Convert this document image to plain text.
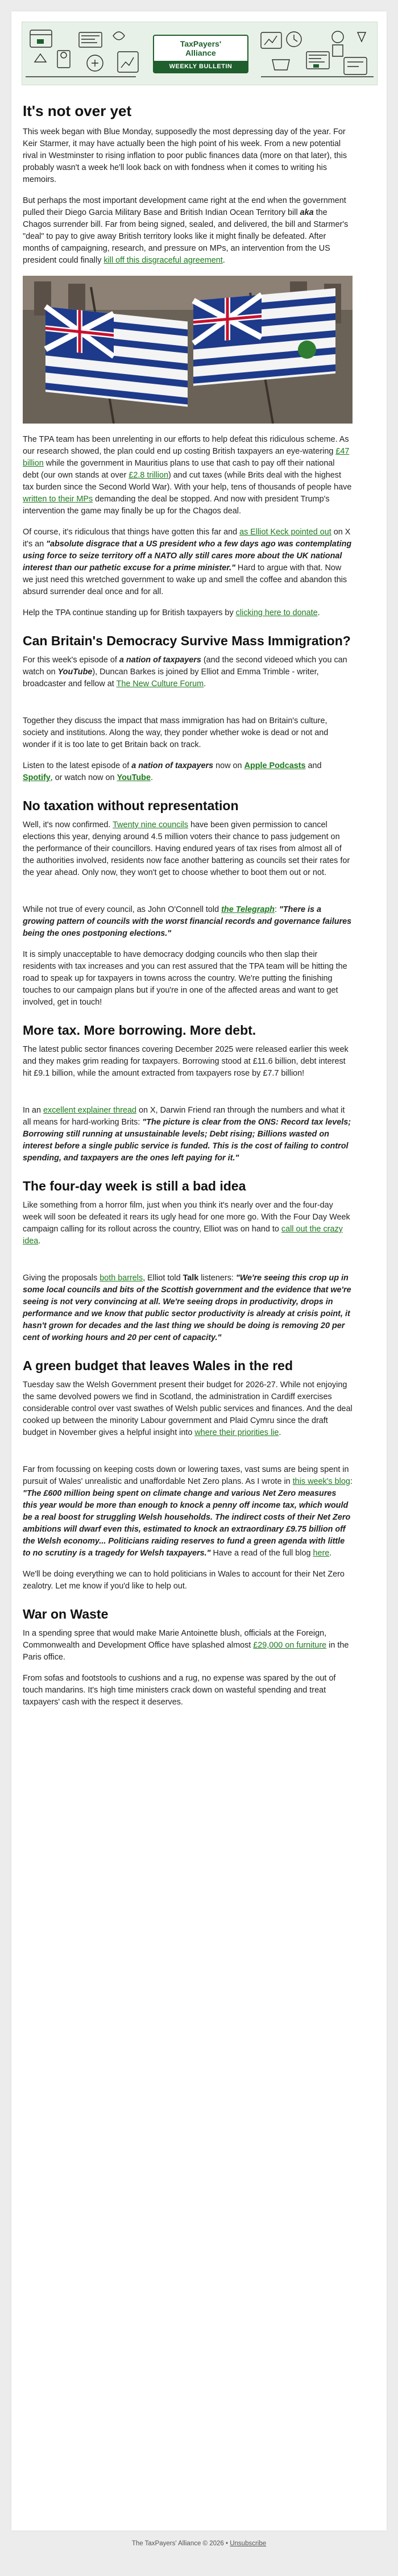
TaxPayers'
Alliance
WEEKLY BULLETIN
It's not over yet

This week began with Blue Monday, supposedly the most depressing day of the year. For Keir Starmer, it may have actually been the high point of his week. From a new potential rival in Westminster to rising inflation to poor public finances data (more on that later), this probably wasn't a week he'll look back on with fondness when it comes to writing his memoirs.

But perhaps the most important development came right at the end when the government pulled their Diego Garcia Military Base and British Indian Ocean Territory bill aka the Chagos surrender bill. Far from being signed, sealed, and delivered, the bill and Starmer's "deal" to pay to give away British territory looks like it might finally be defeated. After months of campaigning, research, and pressure on MPs, an intervention from the US president could finally kill off this disgraceful agreement.

The TPA team has been unrelenting in our efforts to help defeat this ridiculous scheme. As our research showed, the plan could end up costing British taxpayers an eye-watering £47 billion while the government in Mauritius plans to use that cash to pay off their national debt (our own stands at over £2.8 trillion) and cut taxes (while Brits deal with the highest tax burden since the Second World War). With your help, tens of thousands of people have written to their MPs demanding the deal be stopped. And now with president Trump's intervention the game may finally be up for the Chagos deal.

Of course, it's ridiculous that things have gotten this far and as Elliot Keck pointed out on X it's an "absolute disgrace that a US president who a few days ago was contemplating using force to seize territory off a NATO ally still cares more about the UK national interest than our pathetic excuse for a prime minister." Hard to argue with that. Now we just need this wretched government to wake up and smell the coffee and abandon this absurd surrender deal once and for all.

Help the TPA continue standing up for British taxpayers by clicking here to donate.

Can Britain's Democracy Survive Mass Immigration?

For this week's episode of a nation of taxpayers (and the second videoed which you can watch on YouTube), Duncan Barkes is joined by Elliot and Emma Trimble - writer, broadcaster and fellow at The New Culture Forum.

Together they discuss the impact that mass immigration has had on Britain's culture, society and institutions. Along the way, they ponder whether woke is dead or not and wonder if it is too late to get Britain back on track.

Listen to the latest episode of a nation of taxpayers now on Apple Podcasts and Spotify, or watch now on YouTube.

No taxation without representation

Well, it's now confirmed. Twenty nine councils have been given permission to cancel elections this year, denying around 4.5 million voters their chance to pass judgement on the performance of their councillors. Having endured years of tax rises from almost all of the authorities involved, residents now face another battering as councils set their rates for the year ahead. Only now, they won't get to choose whether to boot them out or not.

While not true of every council, as John O'Connell told the Telegraph: "There is a growing pattern of councils with the worst financial records and governance failures being the ones postponing elections."

It is simply unacceptable to have democracy dodging councils who then slap their residents with tax increases and you can rest assured that the TPA team will be hitting the road to speak up for taxpayers in towns across the country. We're putting the finishing touches to our campaign plans but if you're in one of the affected areas and want to get involved, get in touch!

More tax. More borrowing. More debt.

The latest public sector finances covering December 2025 were released earlier this week and they makes grim reading for taxpayers. Borrowing stood at £11.6 billion, debt interest hit £9.1 billion, while the amount extracted from taxpayers rose by £7.7 billion!

In an excellent explainer thread on X, Darwin Friend ran through the numbers and what it all means for hard-working Brits: "The picture is clear from the ONS: Record tax levels; Borrowing still running at unsustainable levels; Debt rising; Billions wasted on interest before a single public service is funded. This is the cost of failing to control spending, and taxpayers are the ones left paying for it."

The four-day week is still a bad idea

Like something from a horror film, just when you think it's nearly over and the four-day week will soon be defeated it rears its ugly head for one more go. With the Four Day Week campaign calling for its rollout across the country, Elliot was on hand to call out the crazy idea.

Giving the proposals both barrels, Elliot told Talk listeners: "We're seeing this crop up in some local councils and bits of the Scottish government and the evidence that we're seeing is not very convincing at all. We're seeing drops in productivity, drops in performance and we know that public sector productivity is already at crisis point, it hasn't grown for decades and the last thing we should be doing is removing 20 per cent of working hours and 20 per cent of capacity."

A green budget that leaves Wales in the red

Tuesday saw the Welsh Government present their budget for 2026-27. While not enjoying the same devolved powers we find in Scotland, the administration in Cardiff exercises considerable control over vast swathes of Welsh public services and finances. And the deal cooked up between the minority Labour government and Plaid Cymru since the draft budget in November gives a helpful insight into where their priorities lie.

Far from focussing on keeping costs down or lowering taxes, vast sums are being spent in pursuit of Wales' unrealistic and unaffordable Net Zero plans. As I wrote in this week's blog: "The £600 million being spent on climate change and various Net Zero measures this year would be more than enough to knock a penny off income tax, which would be a real boost for struggling Welsh households. The indirect costs of their Net Zero ambitions will dwarf even this, estimated to knock an extraordinary £9.75 billion off the Welsh economy... Politicians raiding reserves to fund a green agenda with little to no scrutiny is a tragedy for Welsh taxpayers." Have a read of the full blog here.

We'll be doing everything we can to hold politicians in Wales to account for their Net Zero zealotry. Let me know if you'd like to help out.

War on Waste

In a spending spree that would make Marie Antoinette blush, officials at the Foreign, Commonwealth and Development Office have splashed almost £29,000 on furniture in the Paris office.

From sofas and footstools to cushions and a rug, no expense was spared by the out of touch mandarins. It's high time ministers crack down on wasteful spending and treat taxpayers' cash with the respect it deserves.

The TaxPayers' Alliance © 2026 • Unsubscribe
